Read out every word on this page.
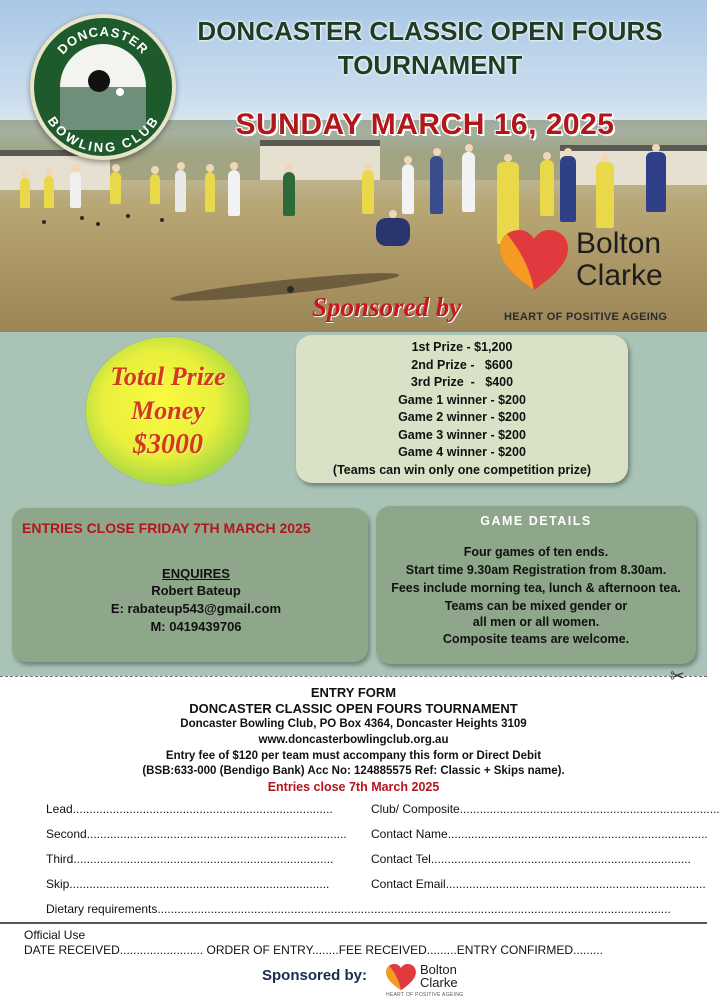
DONCASTER
BOWLING CLUB
DONCASTER CLASSIC OPEN FOURS
TOURNAMENT
SUNDAY MARCH 16, 2025
Bolton
Clarke
Sponsored by	HEART OF POSITIVE AGEING
Total Prize
Money
$3000
1st Prize - $1,200
2nd Prize -   $600
3rd Prize  -   $400
Game 1 winner - $200
Game 2 winner - $200
Game 3 winner - $200
Game 4 winner - $200
(Teams can win only one competition prize)
ENTRIES CLOSE FRIDAY 7TH MARCH 2025
ENQUIRES
Robert Bateup
E: rabateup543@gmail.com
M: 0419439706
GAME DETAILS
Four games of ten ends.
Start time 9.30am Registration from 8.30am.
Fees include morning tea, lunch & afternoon tea.
Teams can be mixed gender or
all men or all women.
Composite teams are welcome.
✂
ENTRY FORM
DONCASTER CLASSIC OPEN FOURS TOURNAMENT
Doncaster Bowling Club, PO Box 4364, Doncaster Heights 3109
www.doncasterbowlingclub.org.au
Entry fee of $120 per team must accompany this form or Direct Debit
(BSB:633-000 (Bendigo Bank) Acc No: 124885575 Ref: Classic + Skips name).
Entries close 7th March 2025
Lead..............................................................................
Second..............................................................................
Third..............................................................................
Skip..............................................................................
Club/ Composite..............................................................................
Contact Name..............................................................................
Contact Tel..............................................................................
Contact Email..............................................................................
Dietary requirements..........................................................................................................................................................
Official Use
DATE RECEIVED......................... ORDER OF ENTRY........FEE RECEIVED.........ENTRY CONFIRMED.........
Sponsored by:	Bolton
Clarke
HEART OF POSITIVE AGEING
